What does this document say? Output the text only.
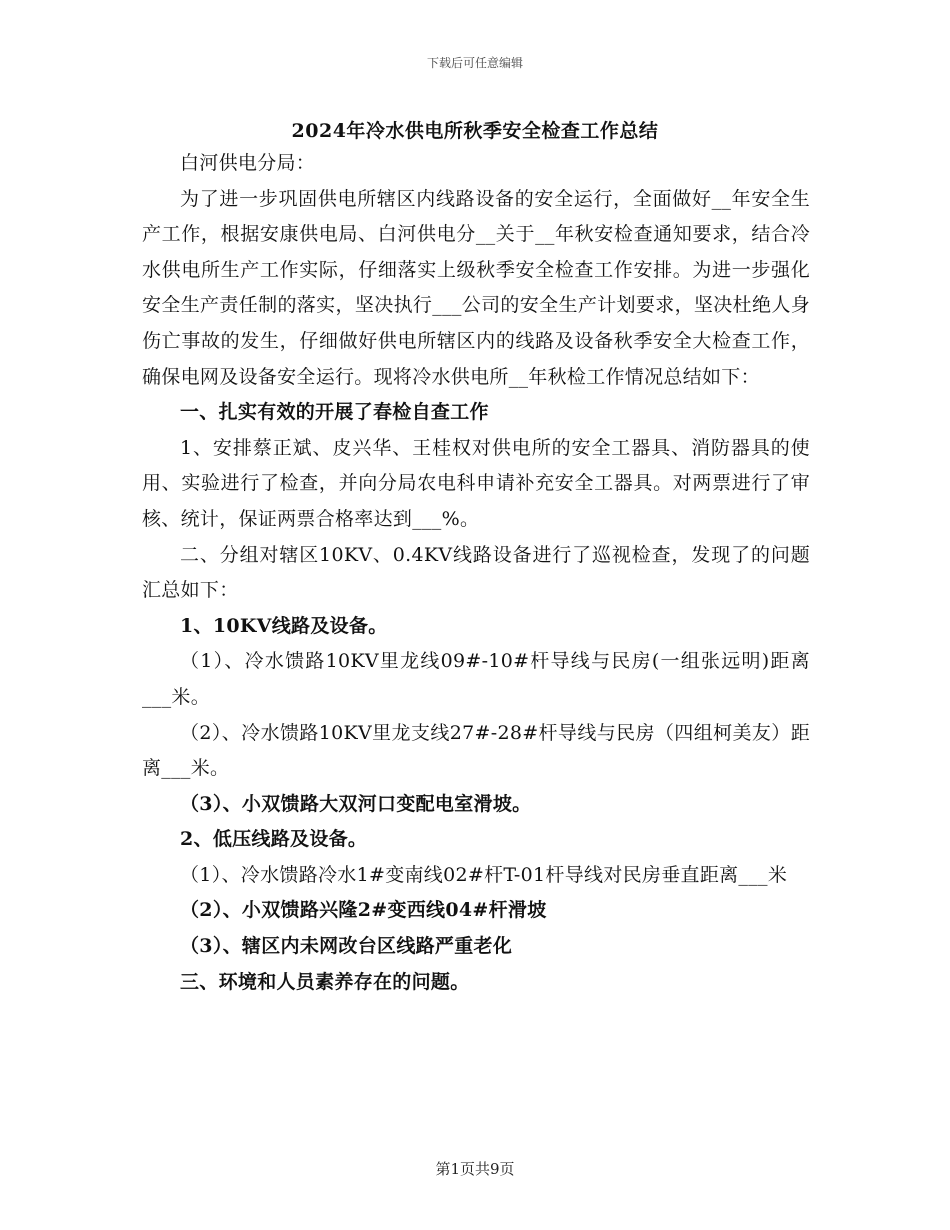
下载后可任意编辑
2024年冷水供电所秋季安全检查工作总结

白河供电分局：

为了进一步巩固供电所辖区内线路设备的安全运行，全面做好__年安全生产工作，根据安康供电局、白河供电分__关于__年秋安检查通知要求，结合冷水供电所生产工作实际，仔细落实上级秋季安全检查工作安排。为进一步强化安全生产责任制的落实，坚决执行___公司的安全生产计划要求，坚决杜绝人身伤亡事故的发生，仔细做好供电所辖区内的线路及设备秋季安全大检查工作，确保电网及设备安全运行。现将冷水供电所__年秋检工作情况总结如下：

一、扎实有效的开展了春检自查工作

1、安排蔡正斌、皮兴华、王桂权对供电所的安全工器具、消防器具的使用、实验进行了检查，并向分局农电科申请补充安全工器具。对两票进行了审核、统计，保证两票合格率达到___%。

二、分组对辖区10KV、0.4KV线路设备进行了巡视检查，发现了的问题汇总如下：

1、10KV线路及设备。

（1）、冷水馈路10KV里龙线09#-10#杆导线与民房(一组张远明)距离___米。

（2）、冷水馈路10KV里龙支线27#-28#杆导线与民房（四组柯美友）距离___米。

（3）、小双馈路大双河口变配电室滑坡。

2、低压线路及设备。

（1）、冷水馈路冷水1#变南线02#杆T-01杆导线对民房垂直距离___米

（2）、小双馈路兴隆2#变西线04#杆滑坡

（3）、辖区内未网改台区线路严重老化

三、环境和人员素养存在的问题。

第1页共9页
